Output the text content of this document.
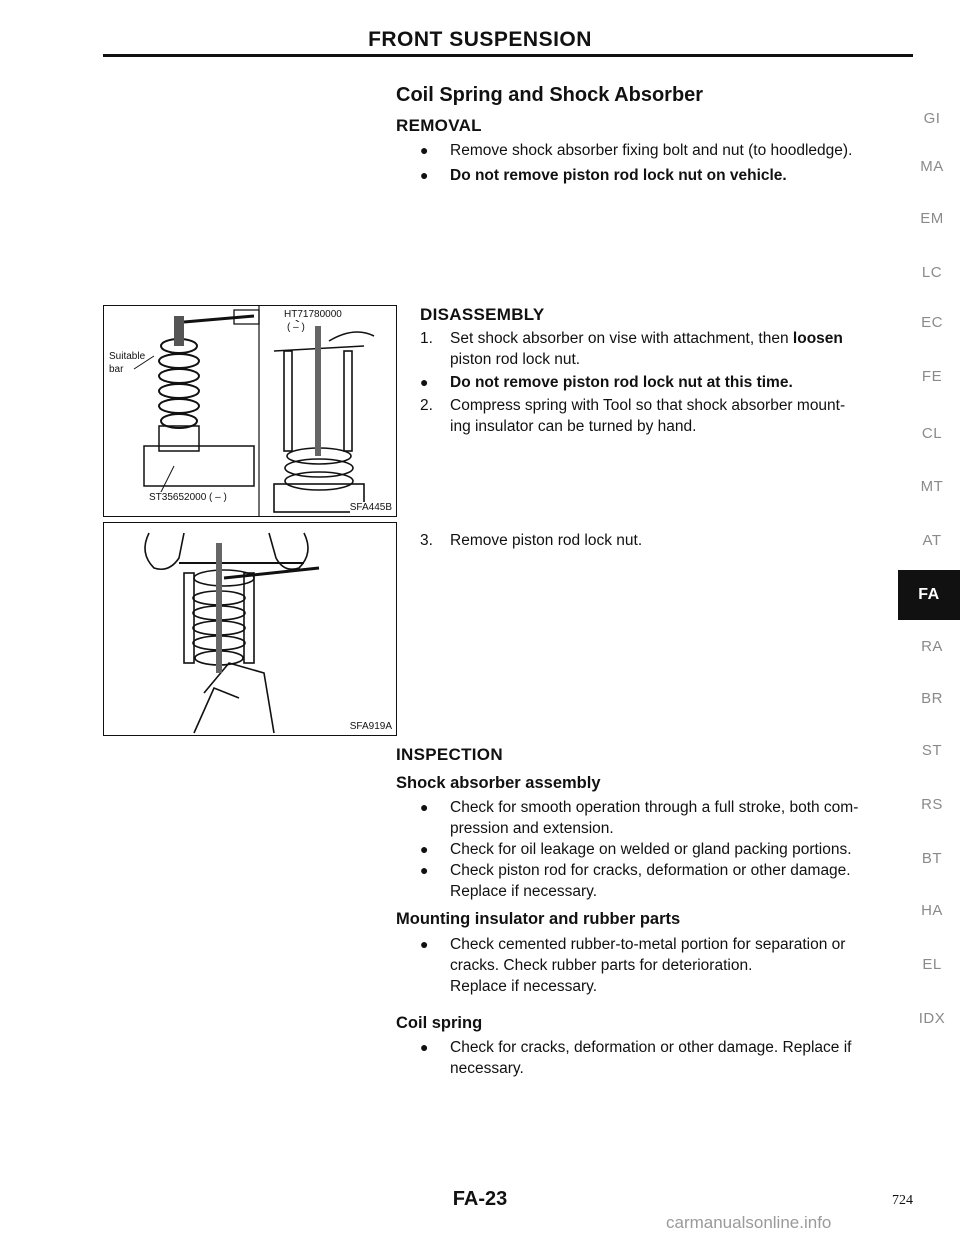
FRONT SUSPENSION
Coil Spring and Shock Absorber
REMOVAL
● Remove shock absorber fixing bolt and nut (to hoodledge).
● Do not remove piston rod lock nut on vehicle.
Suitable
bar
ST35652000 ( – )
HT71780000
( – )
SFA445B
SFA919A
DISASSEMBLY
1. Set shock absorber on vise with attachment, then loosen
piston rod lock nut.
● Do not remove piston rod lock nut at this time.
2. Compress spring with Tool so that shock absorber mount-
ing insulator can be turned by hand.
3. Remove piston rod lock nut.
INSPECTION
Shock absorber assembly
● Check for smooth operation through a full stroke, both com-
pression and extension.
● Check for oil leakage on welded or gland packing portions.
● Check piston rod for cracks, deformation or other damage.
Replace if necessary.
Mounting insulator and rubber parts
● Check cemented rubber-to-metal portion for separation or
cracks. Check rubber parts for deterioration.
Replace if necessary.
Coil spring
● Check for cracks, deformation or other damage. Replace if
necessary.
GI
MA
EM
LC
EC
FE
CL
MT
AT
FA
RA
BR
ST
RS
BT
HA
EL
IDX
FA-23	724
carmanualsonline.info
